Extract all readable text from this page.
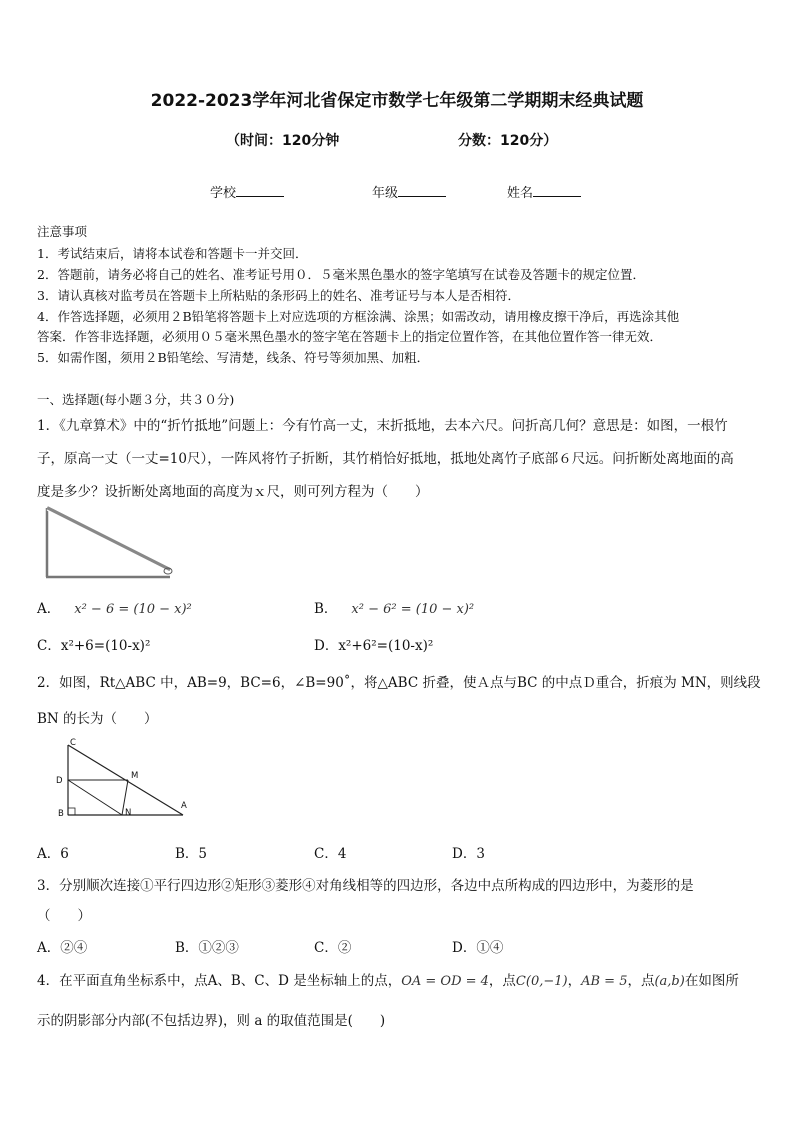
2022-2023学年河北省保定市数学七年级第二学期期末经典试题
（时间：120分钟	分数：120分）
学校	年级	姓名
注意事项
1．考试结束后，请将本试卷和答题卡一并交回．
2．答题前，请务必将自己的姓名、准考证号用０．５毫米黑色墨水的签字笔填写在试卷及答题卡的规定位置．
3．请认真核对监考员在答题卡上所粘贴的条形码上的姓名、准考证号与本人是否相符．
4．作答选择题，必须用２B铅笔将答题卡上对应选项的方框涂满、涂黑；如需改动，请用橡皮擦干净后，再选涂其他
答案．作答非选择题，必须用０５毫米黑色墨水的签字笔在答题卡上的指定位置作答，在其他位置作答一律无效．
5．如需作图，须用２B铅笔绘、写清楚，线条、符号等须加黑、加粗．
一、选择题(每小题３分，共３０分)
1．《九章算术》中的“折竹抵地”问题上：今有竹高一丈，末折抵地，去本六尺。问折高几何？意思是：如图，一根竹
子，原高一丈（一丈=10尺），一阵风将竹子折断，其竹梢恰好抵地，抵地处离竹子底部６尺远。问折断处离地面的高
度是多少？设折断处离地面的高度为ｘ尺，则可列方程为（　　）
A． x² − 6 = (10 − x)²	B． x² − 6² = (10 − x)²
C．x²+6=(10-x)²	D．x²+6²=(10-x)²
2．如图，Rt△ABC 中，AB=9，BC=6，∠B=90˚，将△ABC 折叠，使Ａ点与BC 的中点Ｄ重合，折痕为 MN，则线段
BN 的长为（　　）
C
D	M
B	N
A
A．6	B．5	C．4	D．3
3．分别顺次连接①平行四边形②矩形③菱形④对角线相等的四边形，各边中点所构成的四边形中，为菱形的是
（　　）
A．②④	B．①②③	C．②	D．①④
4．在平面直角坐标系中，点A、B、C、D 是坐标轴上的点，OA = OD = 4，点C(0,−1)，AB = 5，点(a,b)在如图所
示的阴影部分内部(不包括边界)，则 a 的取值范围是(　　)
